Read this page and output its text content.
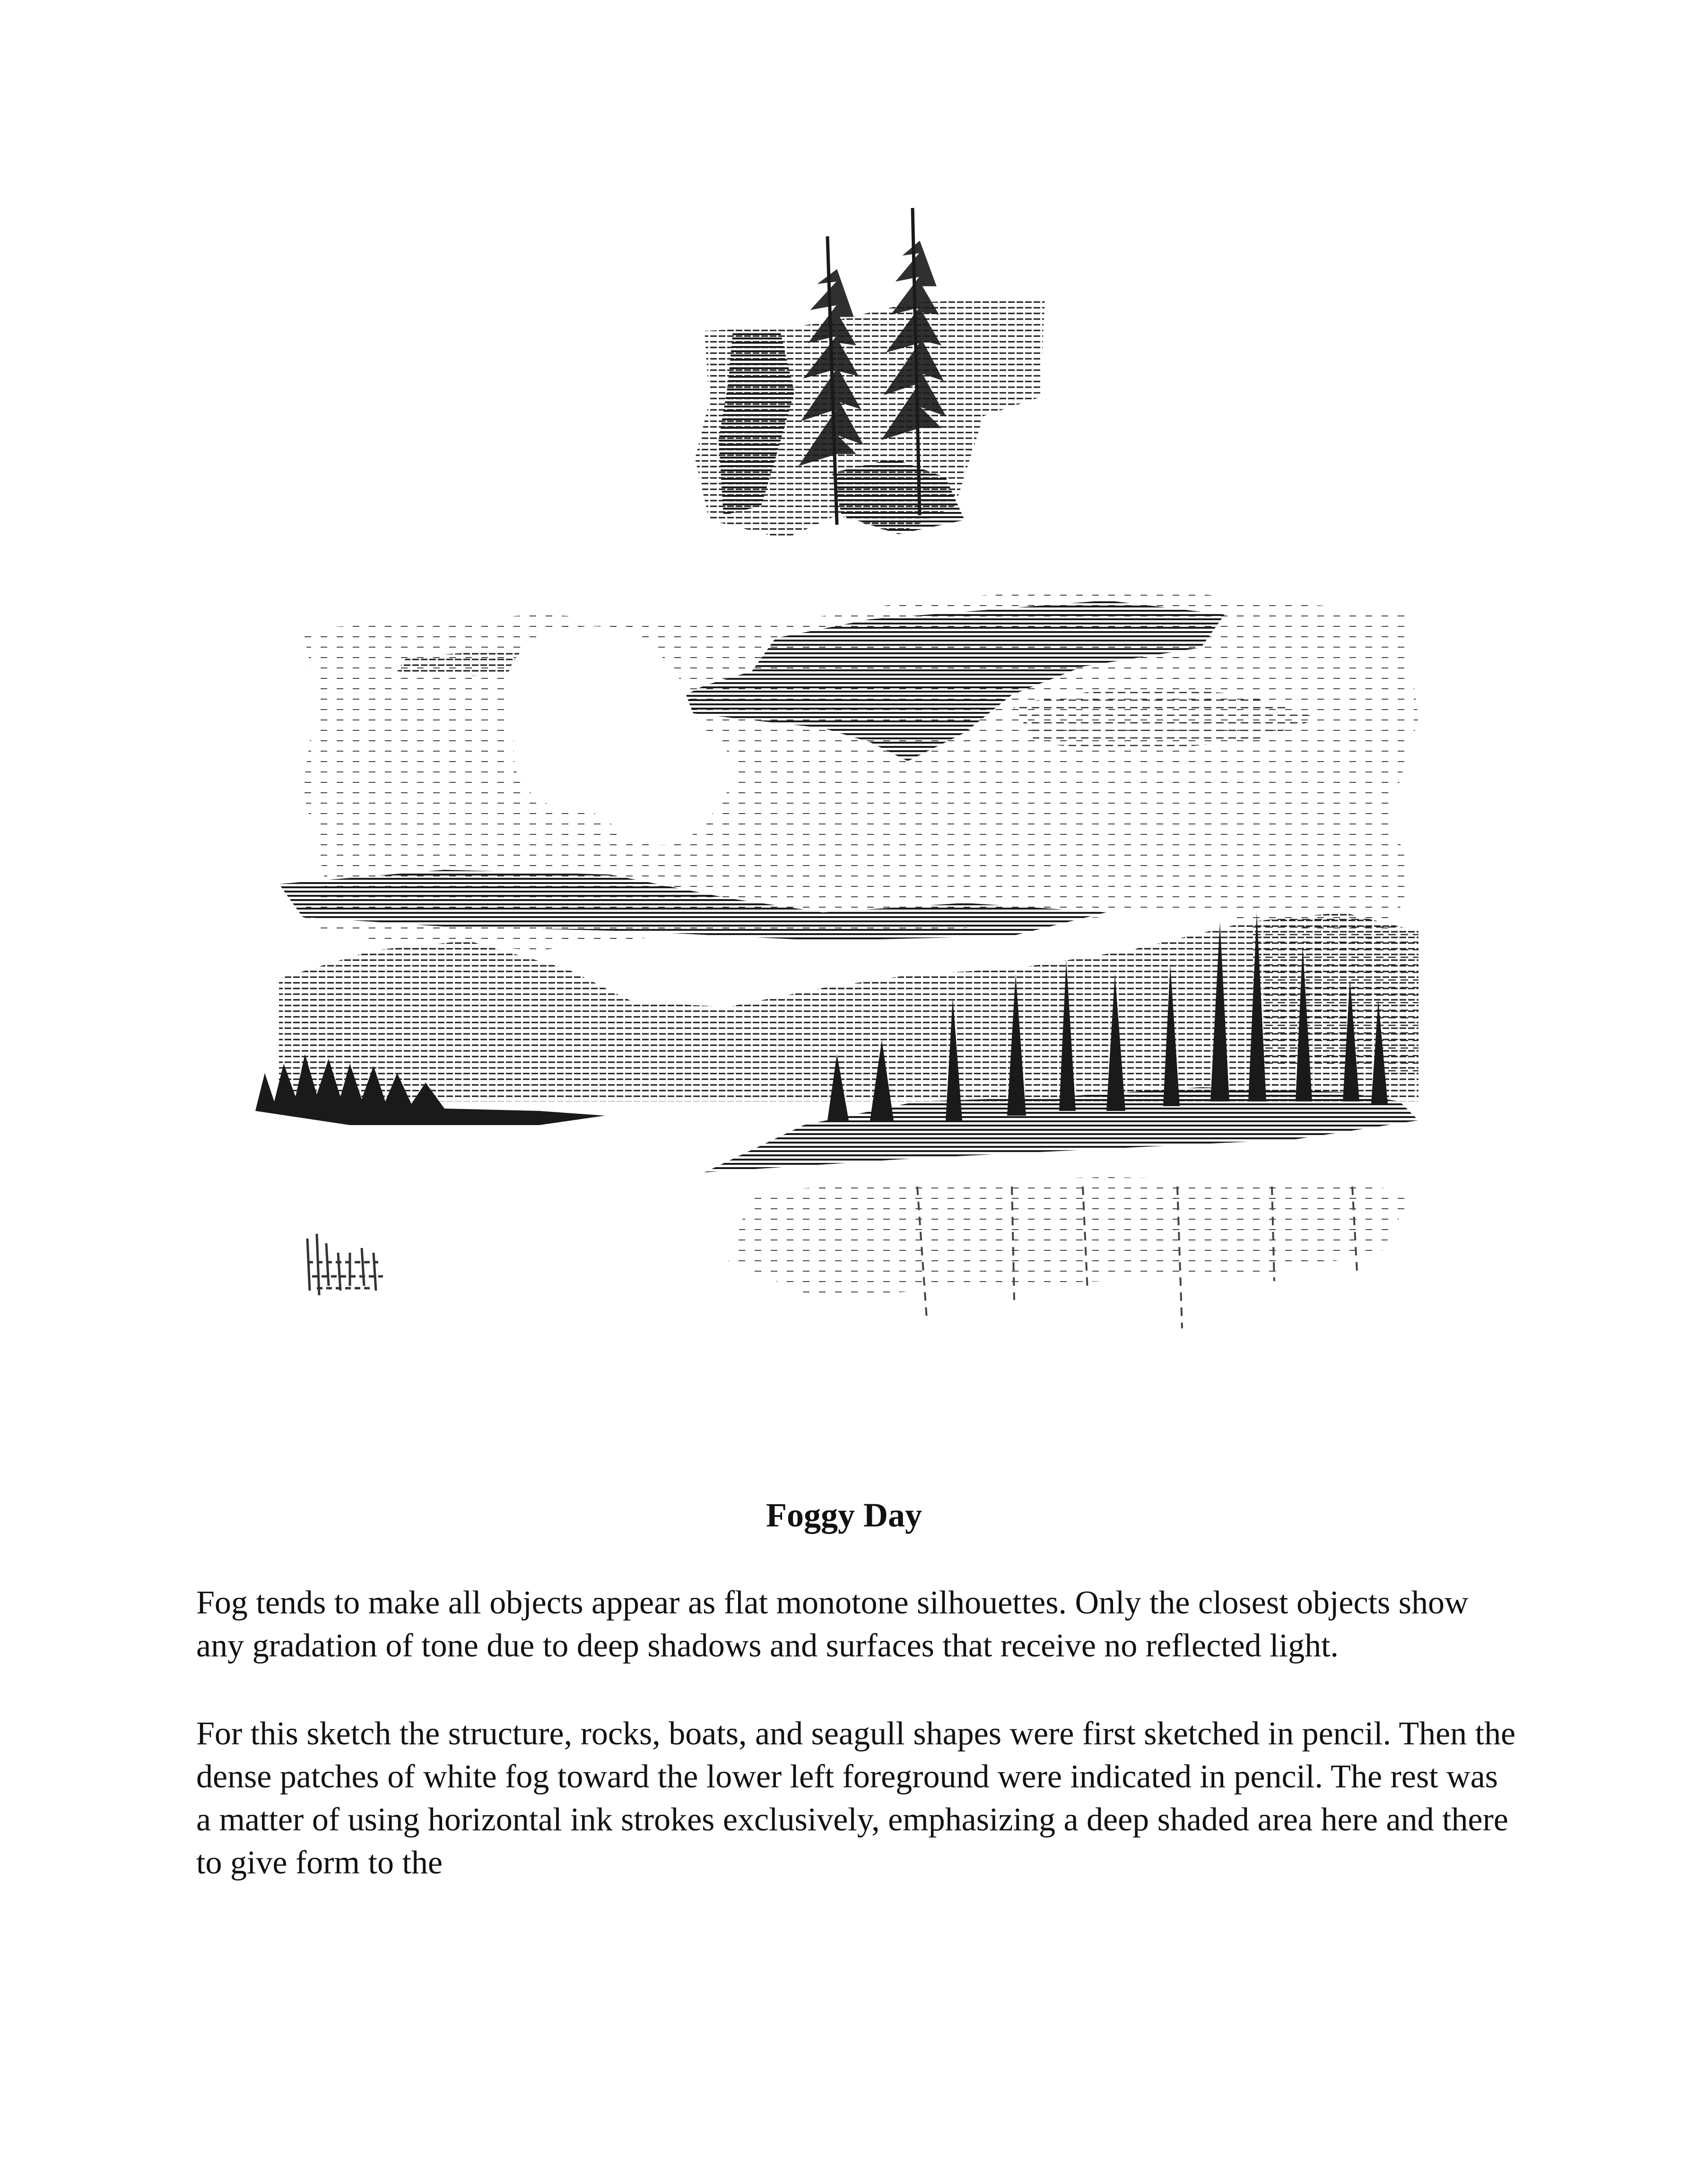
Foggy Day

Fog tends to make all objects appear as flat monotone silhouettes. Only the closest objects show any gradation of tone due to deep shadows and surfaces that receive no reflected light.

For this sketch the structure, rocks, boats, and seagull shapes were first sketched in pencil. Then the dense patches of white fog toward the lower left foreground were indicated in pencil. The rest was a matter of using horizontal ink strokes exclusively, emphasizing a deep shaded area here and there to give form to the
